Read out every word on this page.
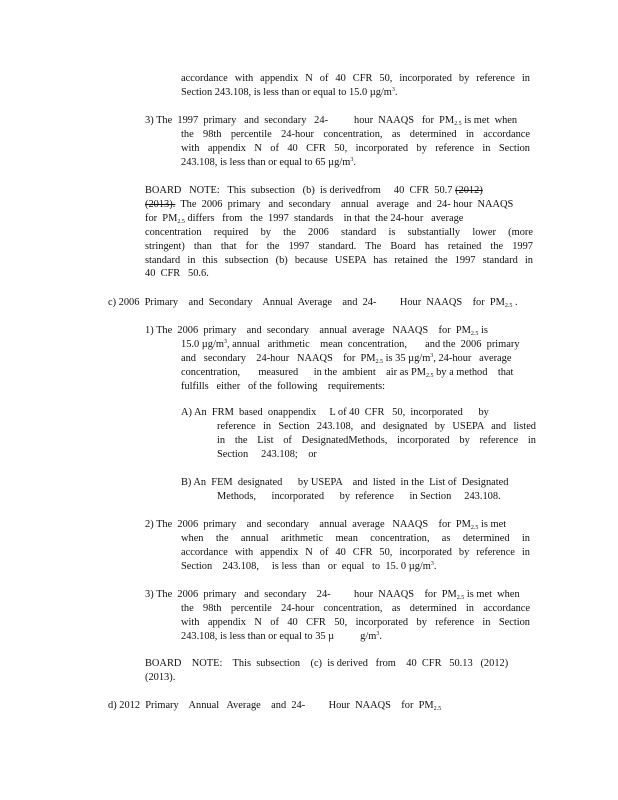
accordance with appendix N of 40 CFR 50, incorporated by reference in
Section 243.108, is less than or equal to 15.0 $\mu g/m^3$.
3) The  1997  primary   and  secondary   24-          hour  NAAQS   for  $PM_{2.5}$ is met  when
the 98th percentile 24-hour concentration, as determined in accordance
with appendix N of 40 CFR 50, incorporated by reference in Section
243.108, is less than or equal to 65 $\mu g/m^3$.
BOARD   NOTE:   This  subsection   (b)  is derivedfrom     40  CFR  50.7 (2012)
(2013).  The  2006  primary   and  secondary    annual   average   and  24- hour  NAAQS
for  $PM_{2.5}$ differs   from   the  1997  standards    in that  the 24-hour   average
concentration required by the 2006 standard is substantially lower (more
stringent) than that for the 1997 standard. The Board has retained the 1997
standard in this subsection (b) because USEPA has retained the 1997 standard in
40  CFR   50.6.
c) 2006  Primary    and  Secondary    Annual  Average    and  24-         Hour  NAAQS    for  $PM_{2.5}$ .
1) The  2006  primary    and  secondary    annual  average   NAAQS    for  $PM_{2.5}$ is
15.0 $\mu g/m^3$, annual   arithmetic    mean  concentration,       and the  2006  primary
and   secondary    24-hour   NAAQS    for  $PM_{2.5}$ is 35 $\mu g/m^3$, 24-hour   average
concentration,       measured      in the  ambient    air as $PM_{2.5}$ by a method    that
fulfills   either   of the  following    requirements:
A) An  FRM  based  onappendix     L of 40  CFR   50,  incorporated      by
reference in Section 243.108, and designated by USEPA and listed
in the List of DesignatedMethods, incorporated by reference in
Section     243.108;    or
B) An  FEM  designated      by USEPA    and  listed  in the  List of  Designated
Methods,      incorporated      by  reference      in Section     243.108.
2) The  2006  primary    and  secondary    annual  average   NAAQS    for  $PM_{2.5}$ is met
when the annual arithmetic mean concentration, as determined in
accordance with appendix N of 40 CFR 50, incorporated by reference in
Section    243.108,     is less  than   or  equal   to  15. 0 $\mu g/m^3$.
3) The  2006  primary   and  secondary    24-         hour  NAAQS    for  $PM_{2.5}$ is met  when
the 98th percentile 24-hour concentration, as determined in accordance
with appendix N of 40 CFR 50, incorporated by reference in Section
243.108, is less than or equal to 35 µ          $g/m^3$.
BOARD    NOTE:    This  subsection    (c)  is derived   from    40  CFR   50.13   (2012)
(2013).
d) 2012  Primary    Annual   Average    and  24-         Hour  NAAQS    for  $PM_{2.5}$
